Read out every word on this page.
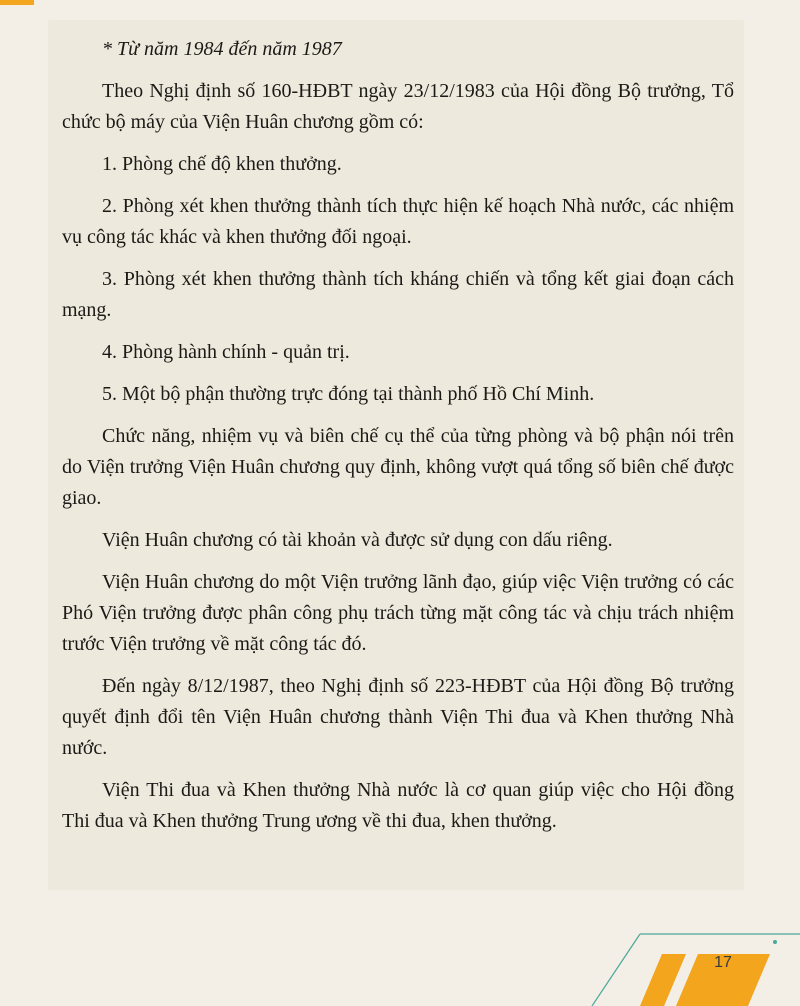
* Từ năm 1984 đến năm 1987

Theo Nghị định số 160-HĐBT ngày 23/12/1983 của Hội đồng Bộ trưởng, Tổ chức bộ máy của Viện Huân chương gồm có:

1. Phòng chế độ khen thưởng.

2. Phòng xét khen thưởng thành tích thực hiện kế hoạch Nhà nước, các nhiệm vụ công tác khác và khen thưởng đối ngoại.

3. Phòng xét khen thưởng thành tích kháng chiến và tổng kết giai đoạn cách mạng.

4. Phòng hành chính - quản trị.

5. Một bộ phận thường trực đóng tại thành phố Hồ Chí Minh.

Chức năng, nhiệm vụ và biên chế cụ thể của từng phòng và bộ phận nói trên do Viện trưởng Viện Huân chương quy định, không vượt quá tổng số biên chế được giao.

Viện Huân chương có tài khoản và được sử dụng con dấu riêng.

Viện Huân chương do một Viện trưởng lãnh đạo, giúp việc Viện trưởng có các Phó Viện trưởng được phân công phụ trách từng mặt công tác và chịu trách nhiệm trước Viện trưởng về mặt công tác đó.

Đến ngày 8/12/1987, theo Nghị định số 223-HĐBT của Hội đồng Bộ trưởng quyết định đổi tên Viện Huân chương thành Viện Thi đua và Khen thưởng Nhà nước.

Viện Thi đua và Khen thưởng Nhà nước là cơ quan giúp việc cho Hội đồng Thi đua và Khen thưởng Trung ương về thi đua, khen thưởng.

17
